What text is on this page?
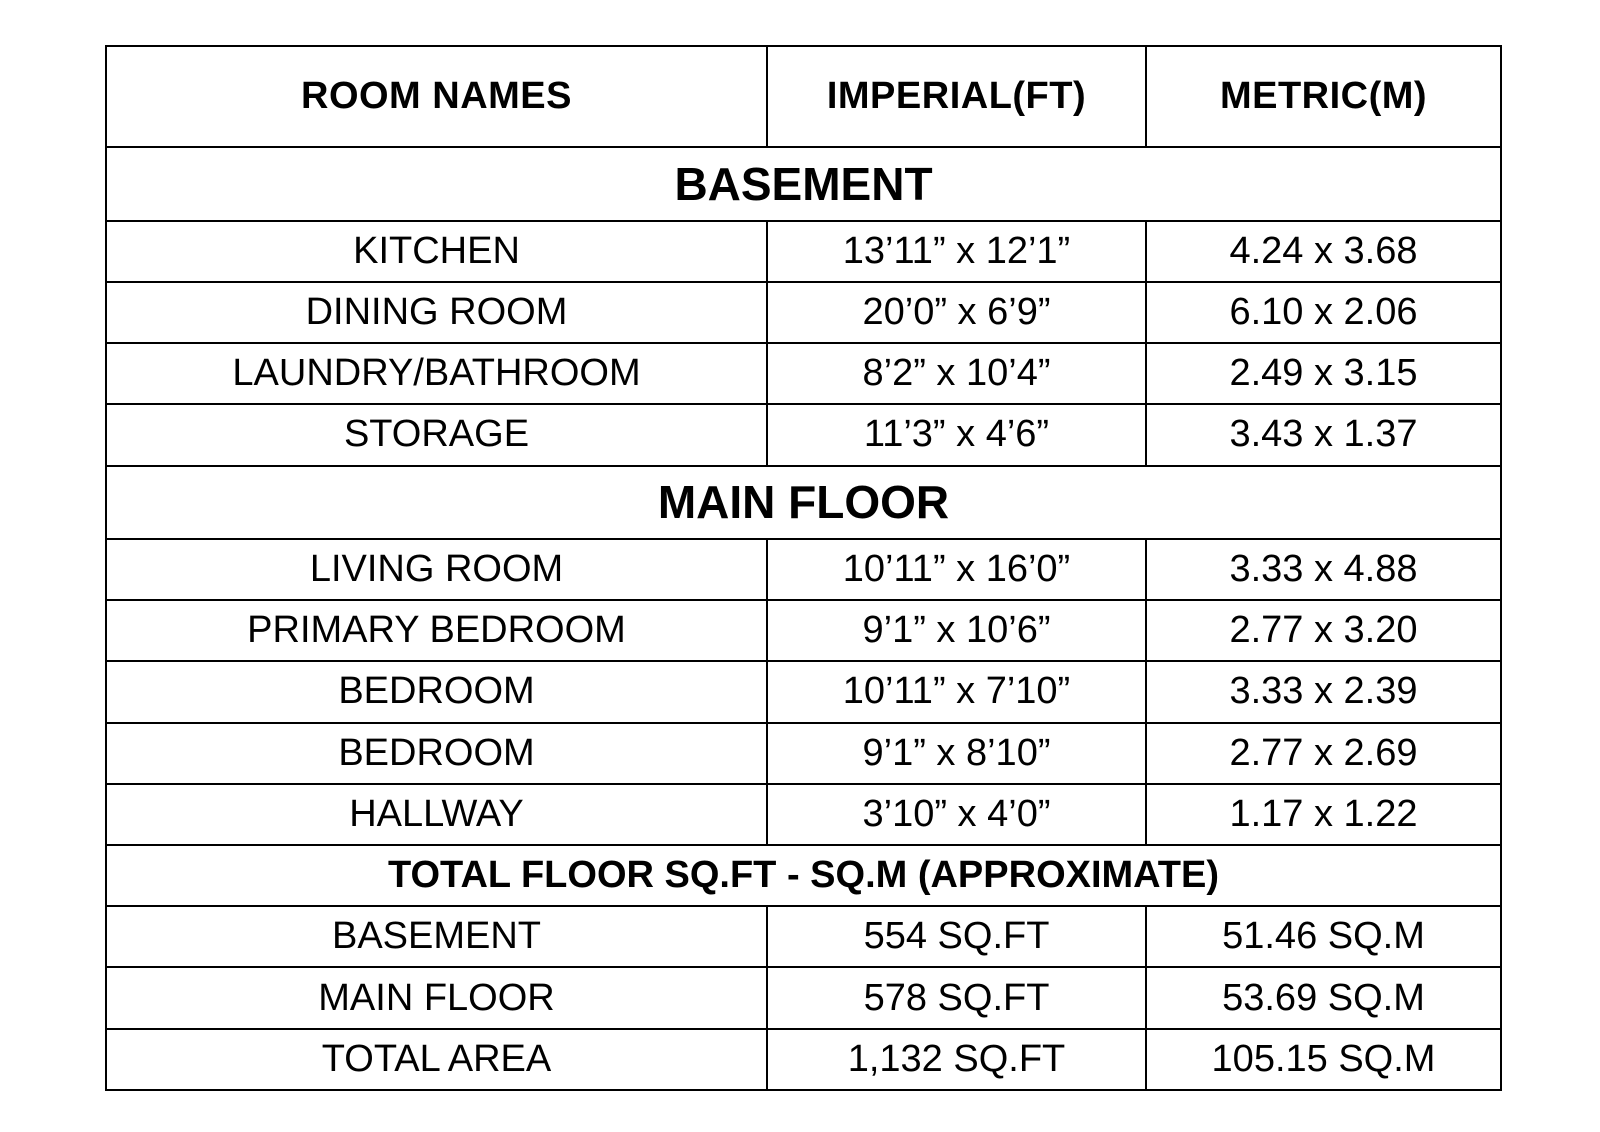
ROOM NAMES	IMPERIAL(FT)	METRIC(M)
BASEMENT		
KITCHEN	13’11” x 12’1”	4.24 x 3.68
DINING ROOM	20’0” x 6’9”	6.10 x 2.06
LAUNDRY/BATHROOM	8’2” x 10’4”	2.49 x 3.15
STORAGE	11’3” x 4’6”	3.43 x 1.37
MAIN FLOOR		
LIVING ROOM	10’11” x 16’0”	3.33 x 4.88
PRIMARY BEDROOM	9’1” x 10’6”	2.77 x 3.20
BEDROOM	10’11” x 7’10”	3.33 x 2.39
BEDROOM	9’1” x 8’10”	2.77 x 2.69
HALLWAY	3’10” x 4’0”	1.17 x 1.22
TOTAL FLOOR SQ.FT - SQ.M (APPROXIMATE)		
BASEMENT	554 SQ.FT	51.46 SQ.M
MAIN FLOOR	578 SQ.FT	53.69 SQ.M
TOTAL AREA	1,132 SQ.FT	105.15 SQ.M
